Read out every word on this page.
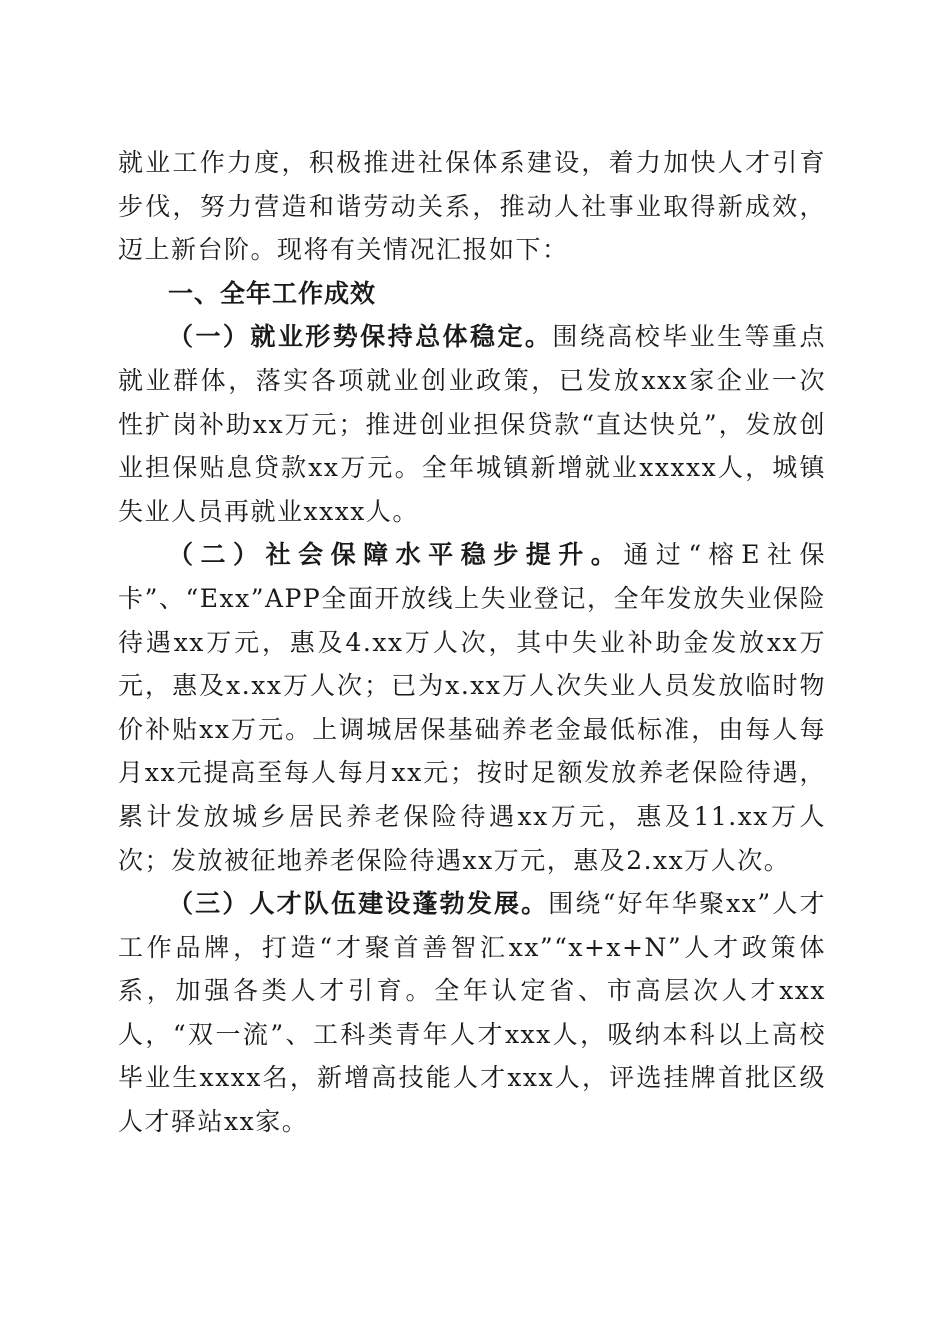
就业工作力度，积极推进社保体系建设，着力加快人才引育步伐，努力营造和谐劳动关系，推动人社事业取得新成效，迈上新台阶。现将有关情况汇报如下：

一、全年工作成效

（一）就业形势保持总体稳定。围绕高校毕业生等重点就业群体，落实各项就业创业政策，已发放xxx家企业一次性扩岗补助xx万元；推进创业担保贷款“直达快兑”，发放创业担保贴息贷款xx万元。全年城镇新增就业xxxxx人，城镇失业人员再就业xxxx人。

（二）社会保障水平稳步提升。通过“榕E社保卡”、“Exx”APP全面开放线上失业登记，全年发放失业保险待遇xx万元，惠及4.xx万人次，其中失业补助金发放xx万元，惠及x.xx万人次；已为x.xx万人次失业人员发放临时物价补贴xx万元。上调城居保基础养老金最低标准，由每人每月xx元提高至每人每月xx元；按时足额发放养老保险待遇，累计发放城乡居民养老保险待遇xx万元，惠及11.xx万人次；发放被征地养老保险待遇xx万元，惠及2.xx万人次。

（三）人才队伍建设蓬勃发展。围绕“好年华聚xx”人才工作品牌，打造“才聚首善智汇xx”“x+x+N”人才政策体系，加强各类人才引育。全年认定省、市高层次人才xxx人，“双一流”、工科类青年人才xxx人，吸纳本科以上高校毕业生xxxx名，新增高技能人才xxx人，评选挂牌首批区级人才驿站xx家。
